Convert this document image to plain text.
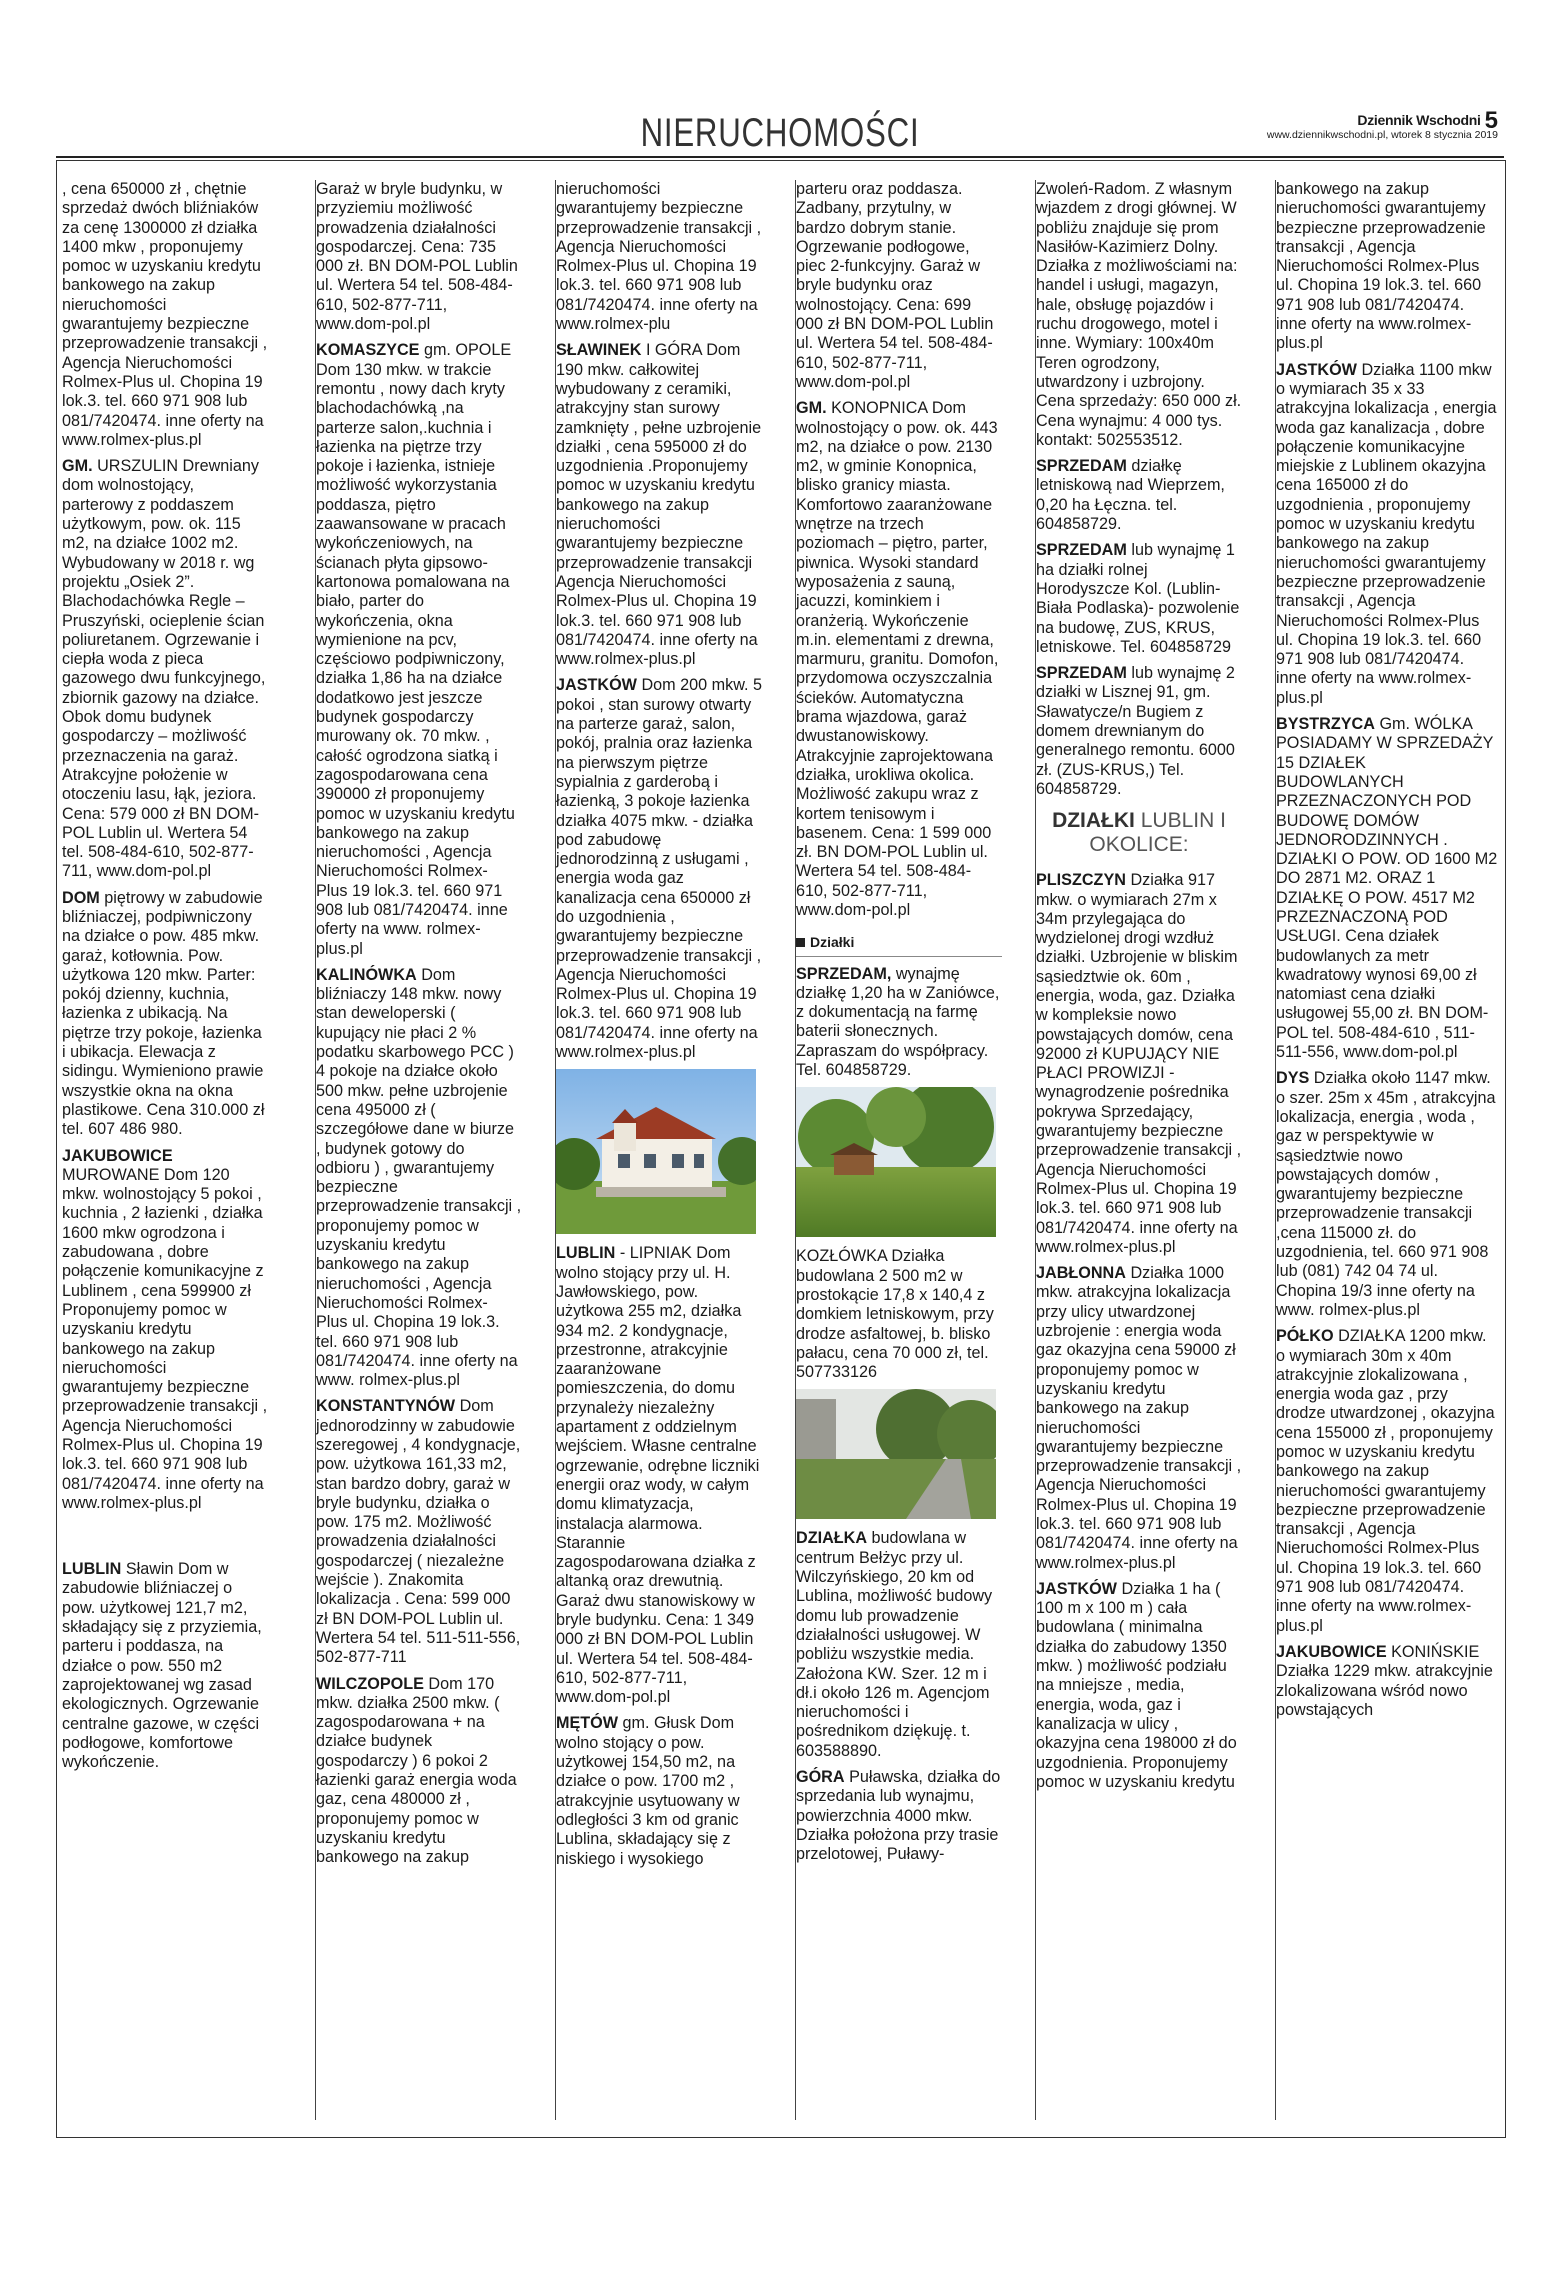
NIERUCHOMOŚCI	Dziennik Wschodni 5
www.dziennikwschodni.pl, wtorek 8 stycznia 2019

, cena 650000 zł , chętnie sprzedaż dwóch bliźniaków za cenę 1300000 zł działka 1400 mkw , proponujemy pomoc w uzyskaniu kredytu bankowego na zakup nieruchomości gwarantujemy bezpieczne przeprowadzenie transakcji , Agencja Nieruchomości Rolmex-Plus ul. Chopina 19 lok.3. tel. 660 971 908 lub 081/7420474. inne oferty na www.rolmex-plus.pl

GM. URSZULIN Drewniany dom wolnostojący, parterowy z poddaszem użytkowym, pow. ok. 115 m2, na działce 1002 m2. Wybudowany w 2018 r. wg projektu „Osiek 2”. Blachodachówka Regle – Pruszyński, ocieplenie ścian poliuretanem. Ogrzewanie i ciepła woda z pieca gazowego dwu funkcyjnego, zbiornik gazowy na działce. Obok domu budynek gospodarczy – możliwość przeznaczenia na garaż. Atrakcyjne położenie w otoczeniu lasu, łąk, jeziora. Cena: 579 000 zł BN DOM-POL Lublin ul. Wertera 54 tel. 508-484-610, 502-877-711, www.dom-pol.pl

DOM piętrowy w zabudowie bliźniaczej, podpiwniczony na działce o pow. 485 mkw. garaż, kotłownia. Pow. użytkowa 120 mkw. Parter: pokój dzienny, kuchnia, łazienka z ubikacją. Na piętrze trzy pokoje, łazienka i ubikacja. Elewacja z sidingu. Wymieniono prawie wszystkie okna na okna plastikowe. Cena 310.000 zł tel. 607 486 980.

JAKUBOWICE MUROWANE Dom 120 mkw. wolnostojący 5 pokoi , kuchnia , 2 łazienki , działka 1600 mkw ogrodzona i zabudowana , dobre połączenie komunikacyjne z Lublinem , cena 599900 zł Proponujemy pomoc w uzyskaniu kredytu bankowego na zakup nieruchomości gwarantujemy bezpieczne przeprowadzenie transakcji , Agencja Nieruchomości Rolmex-Plus ul. Chopina 19 lok.3. tel. 660 971 908 lub 081/7420474. inne oferty na www.rolmex-plus.pl

LUBLIN Sławin Dom w zabudowie bliźniaczej o pow. użytkowej 121,7 m2, składający się z przyziemia, parteru i poddasza, na działce o pow. 550 m2 zaprojektowanej wg zasad ekologicznych. Ogrzewanie centralne gazowe, w części podłogowe, komfortowe wykończenie.

Garaż w bryle budynku, w przyziemiu możliwość prowadzenia działalności gospodarczej. Cena: 735 000 zł. BN DOM-POL Lublin ul. Wertera 54 tel. 508-484-610, 502-877-711, www.dom-pol.pl

KOMASZYCE gm. OPOLE Dom 130 mkw. w trakcie remontu , nowy dach kryty blachodachówką ,na parterze salon,.kuchnia i łazienka na piętrze trzy pokoje i łazienka, istnieje możliwość wykorzystania poddasza, piętro zaawansowane w pracach wykończeniowych, na ścianach płyta gipsowo-kartonowa pomalowana na biało, parter do wykończenia, okna wymienione na pcv, częściowo podpiwniczony, działka 1,86 ha na działce dodatkowo jest jeszcze budynek gospodarczy murowany ok. 70 mkw. , całość ogrodzona siatką i zagospodarowana cena 390000 zł proponujemy pomoc w uzyskaniu kredytu bankowego na zakup nieruchomości , Agencja Nieruchomości Rolmex- Plus 19 lok.3. tel. 660 971 908 lub 081/7420474. inne oferty na www. rolmex-plus.pl

KALINÓWKA Dom bliźniaczy 148 mkw. nowy stan deweloperski ( kupujący nie płaci 2 % podatku skarbowego PCC ) 4 pokoje na działce około 500 mkw. pełne uzbrojenie cena 495000 zł ( szczegółowe dane w biurze , budynek gotowy do odbioru ) , gwarantujemy bezpieczne przeprowadzenie transakcji , proponujemy pomoc w uzyskaniu kredytu bankowego na zakup nieruchomości , Agencja Nieruchomości Rolmex- Plus ul. Chopina 19 lok.3. tel. 660 971 908 lub 081/7420474. inne oferty na www. rolmex-plus.pl

KONSTANTYNÓW Dom jednorodzinny w zabudowie szeregowej , 4 kondygnacje, pow. użytkowa 161,33 m2, stan bardzo dobry, garaż w bryle budynku, działka o pow. 175 m2. Możliwość prowadzenia działalności gospodarczej ( niezależne wejście ). Znakomita lokalizacja . Cena: 599 000 zł BN DOM-POL Lublin ul. Wertera 54 tel. 511-511-556, 502-877-711

WILCZOPOLE Dom 170 mkw. działka 2500 mkw. ( zagospodarowana + na działce budynek gospodarczy ) 6 pokoi 2 łazienki garaż energia woda gaz, cena 480000 zł , proponujemy pomoc w uzyskaniu kredytu bankowego na zakup

nieruchomości gwarantujemy bezpieczne przeprowadzenie transakcji , Agencja Nieruchomości Rolmex-Plus ul. Chopina 19 lok.3. tel. 660 971 908 lub 081/7420474. inne oferty na www.rolmex-plu

SŁAWINEK I GÓRA Dom 190 mkw. całkowitej wybudowany z ceramiki, atrakcyjny stan surowy zamknięty , pełne uzbrojenie działki , cena 595000 zł do uzgodnienia .Proponujemy pomoc w uzyskaniu kredytu bankowego na zakup nieruchomości gwarantujemy bezpieczne przeprowadzenie transakcji Agencja Nieruchomości Rolmex-Plus ul. Chopina 19 lok.3. tel. 660 971 908 lub 081/7420474. inne oferty na www.rolmex-plus.pl

JASTKÓW Dom 200 mkw. 5 pokoi , stan surowy otwarty na parterze garaż, salon, pokój, pralnia oraz łazienka na pierwszym piętrze sypialnia z garderobą i łazienką, 3 pokoje łazienka działka 4075 mkw. - działka pod zabudowę jednorodzinną z usługami , energia woda gaz kanalizacja cena 650000 zł do uzgodnienia , gwarantujemy bezpieczne przeprowadzenie transakcji , Agencja Nieruchomości Rolmex-Plus ul. Chopina 19 lok.3. tel. 660 971 908 lub 081/7420474. inne oferty na www.rolmex-plus.pl

LUBLIN - LIPNIAK Dom wolno stojący przy ul. H. Jawłowskiego, pow. użytkowa 255 m2, działka 934 m2. 2 kondygnacje, przestronne, atrakcyjnie zaaranżowane pomieszczenia, do domu przynależy niezależny apartament z oddzielnym wejściem. Własne centralne ogrzewanie, odrębne liczniki energii oraz wody, w całym domu klimatyzacja, instalacja alarmowa. Starannie zagospodarowana działka z altanką oraz drewutnią. Garaż dwu stanowiskowy w bryle budynku. Cena: 1 349 000 zł BN DOM-POL Lublin ul. Wertera 54 tel. 508-484-610, 502-877-711, www.dom-pol.pl

MĘTÓW gm. Głusk Dom wolno stojący o pow. użytkowej 154,50 m2, na działce o pow. 1700 m2 , atrakcyjnie usytuowany w odległości 3 km od granic Lublina, składający się z niskiego i wysokiego

parteru oraz poddasza. Zadbany, przytulny, w bardzo dobrym stanie. Ogrzewanie podłogowe, piec 2-funkcyjny. Garaż w bryle budynku oraz wolnostojący. Cena: 699 000 zł BN DOM-POL Lublin ul. Wertera 54 tel. 508-484-610, 502-877-711, www.dom-pol.pl

GM. KONOPNICA Dom wolnostojący o pow. ok. 443 m2, na działce o pow. 2130 m2, w gminie Konopnica, blisko granicy miasta. Komfortowo zaaranżowane wnętrze na trzech poziomach – piętro, parter, piwnica. Wysoki standard wyposażenia z sauną, jacuzzi, kominkiem i oranżerią. Wykończenie m.in. elementami z drewna, marmuru, granitu. Domofon, przydomowa oczyszczalnia ścieków. Automatyczna brama wjazdowa, garaż dwustanowiskowy. Atrakcyjnie zaprojektowana działka, urokliwa okolica. Możliwość zakupu wraz z kortem tenisowym i basenem. Cena: 1 599 000 zł. BN DOM-POL Lublin ul. Wertera 54 tel. 508-484-610, 502-877-711, www.dom-pol.pl

Działki

SPRZEDAM, wynajmę działkę 1,20 ha w Zaniówce, z dokumentacją na farmę baterii słonecznych. Zapraszam do współpracy. Tel. 604858729.

KOZŁÓWKA Działka budowlana 2 500 m2 w prostokącie 17,8 x 140,4 z domkiem letniskowym, przy drodze asfaltowej, b. blisko pałacu, cena 70 000 zł, tel. 507733126

DZIAŁKA budowlana w centrum Bełżyc przy ul. Wilczyńskiego, 20 km od Lublina, możliwość budowy domu lub prowadzenie działalności usługowej. W pobliżu wszystkie media. Założona KW. Szer. 12 m i dł.i około 126 m. Agencjom nieruchomości i pośrednikom dziękuję. t. 603588890.

GÓRA Puławska, działka do sprzedania lub wynajmu, powierzchnia 4000 mkw. Działka położona przy trasie przelotowej, Puławy-

Zwoleń-Radom. Z własnym wjazdem z drogi głównej. W pobliżu znajduje się prom Nasiłów-Kazimierz Dolny. Działka z możliwościami na: handel i usługi, magazyn, hale, obsługę pojazdów i ruchu drogowego, motel i inne. Wymiary: 100x40m Teren ogrodzony, utwardzony i uzbrojony. Cena sprzedaży: 650 000 zł. Cena wynajmu: 4 000 tys. kontakt: 502553512.

SPRZEDAM działkę letniskową nad Wieprzem, 0,20 ha Łęczna. tel. 604858729.

SPRZEDAM lub wynajmę 1 ha działki rolnej Horodyszcze Kol. (Lublin-Biała Podlaska)- pozwolenie na budowę, ZUS, KRUS, letniskowe. Tel. 604858729

SPRZEDAM lub wynajmę 2 działki w Lisznej 91, gm. Sławatycze/n Bugiem z domem drewnianym do generalnego remontu. 6000 zł. (ZUS-KRUS,) Tel. 604858729.

DZIAŁKI LUBLIN I OKOLICE:

PLISZCZYN Działka 917 mkw. o wymiarach 27m x 34m przylegająca do wydzielonej drogi wzdłuż działki. Uzbrojenie w bliskim sąsiedztwie ok. 60m , energia, woda, gaz. Działka w kompleksie nowo powstających domów, cena 92000 zł KUPUJĄCY NIE PŁACI PROWIZJI -wynagrodzenie pośrednika pokrywa Sprzedający, gwarantujemy bezpieczne przeprowadzenie transakcji , Agencja Nieruchomości Rolmex-Plus ul. Chopina 19 lok.3. tel. 660 971 908 lub 081/7420474. inne oferty na www.rolmex-plus.pl

JABŁONNA Działka 1000 mkw. atrakcyjna lokalizacja przy ulicy utwardzonej uzbrojenie : energia woda gaz okazyjna cena 59000 zł proponujemy pomoc w uzyskaniu kredytu bankowego na zakup nieruchomości gwarantujemy bezpieczne przeprowadzenie transakcji , Agencja Nieruchomości Rolmex-Plus ul. Chopina 19 lok.3. tel. 660 971 908 lub 081/7420474. inne oferty na www.rolmex-plus.pl

JASTKÓW Działka 1 ha ( 100 m x 100 m ) cała budowlana ( minimalna działka do zabudowy 1350 mkw. ) możliwość podziału na mniejsze , media, energia, woda, gaz i kanalizacja w ulicy , okazyjna cena 198000 zł do uzgodnienia. Proponujemy pomoc w uzyskaniu kredytu

bankowego na zakup nieruchomości gwarantujemy bezpieczne przeprowadzenie transakcji , Agencja Nieruchomości Rolmex-Plus ul. Chopina 19 lok.3. tel. 660 971 908 lub 081/7420474. inne oferty na www.rolmex-plus.pl

JASTKÓW Działka 1100 mkw o wymiarach 35 x 33 atrakcyjna lokalizacja , energia woda gaz kanalizacja , dobre połączenie komunikacyjne miejskie z Lublinem okazyjna cena 165000 zł do uzgodnienia , proponujemy pomoc w uzyskaniu kredytu bankowego na zakup nieruchomości gwarantujemy bezpieczne przeprowadzenie transakcji , Agencja Nieruchomości Rolmex-Plus ul. Chopina 19 lok.3. tel. 660 971 908 lub 081/7420474. inne oferty na www.rolmex-plus.pl

BYSTRZYCA Gm. WÓLKA POSIADAMY W SPRZEDAŻY 15 DZIAŁEK BUDOWLANYCH PRZEZNACZONYCH POD BUDOWĘ DOMÓW JEDNORODZINNYCH . DZIAŁKI O POW. OD 1600 M2 DO 2871 M2. ORAZ 1 DZIAŁKĘ O POW. 4517 M2 PRZEZNACZONĄ POD USŁUGI. Cena działek budowlanych za metr kwadratowy wynosi 69,00 zł natomiast cena działki usługowej 55,00 zł. BN DOM-POL tel. 508-484-610 , 511-511-556, www.dom-pol.pl

DYS Działka około 1147 mkw. o szer. 25m x 45m , atrakcyjna lokalizacja, energia , woda , gaz w perspektywie w sąsiedztwie nowo powstających domów , gwarantujemy bezpieczne przeprowadzenie transakcji ,cena 115000 zł. do uzgodnienia, tel. 660 971 908 lub (081) 742 04 74 ul. Chopina 19/3 inne oferty na www. rolmex-plus.pl

PÓŁKO DZIAŁKA 1200 mkw. o wymiarach 30m x 40m atrakcyjnie zlokalizowana , energia woda gaz , przy drodze utwardzonej , okazyjna cena 155000 zł , proponujemy pomoc w uzyskaniu kredytu bankowego na zakup nieruchomości gwarantujemy bezpieczne przeprowadzenie transakcji , Agencja Nieruchomości Rolmex-Plus ul. Chopina 19 lok.3. tel. 660 971 908 lub 081/7420474. inne oferty na www.rolmex-plus.pl

JAKUBOWICE KONIŃSKIE Działka 1229 mkw. atrakcyjnie zlokalizowana wśród nowo powstających
